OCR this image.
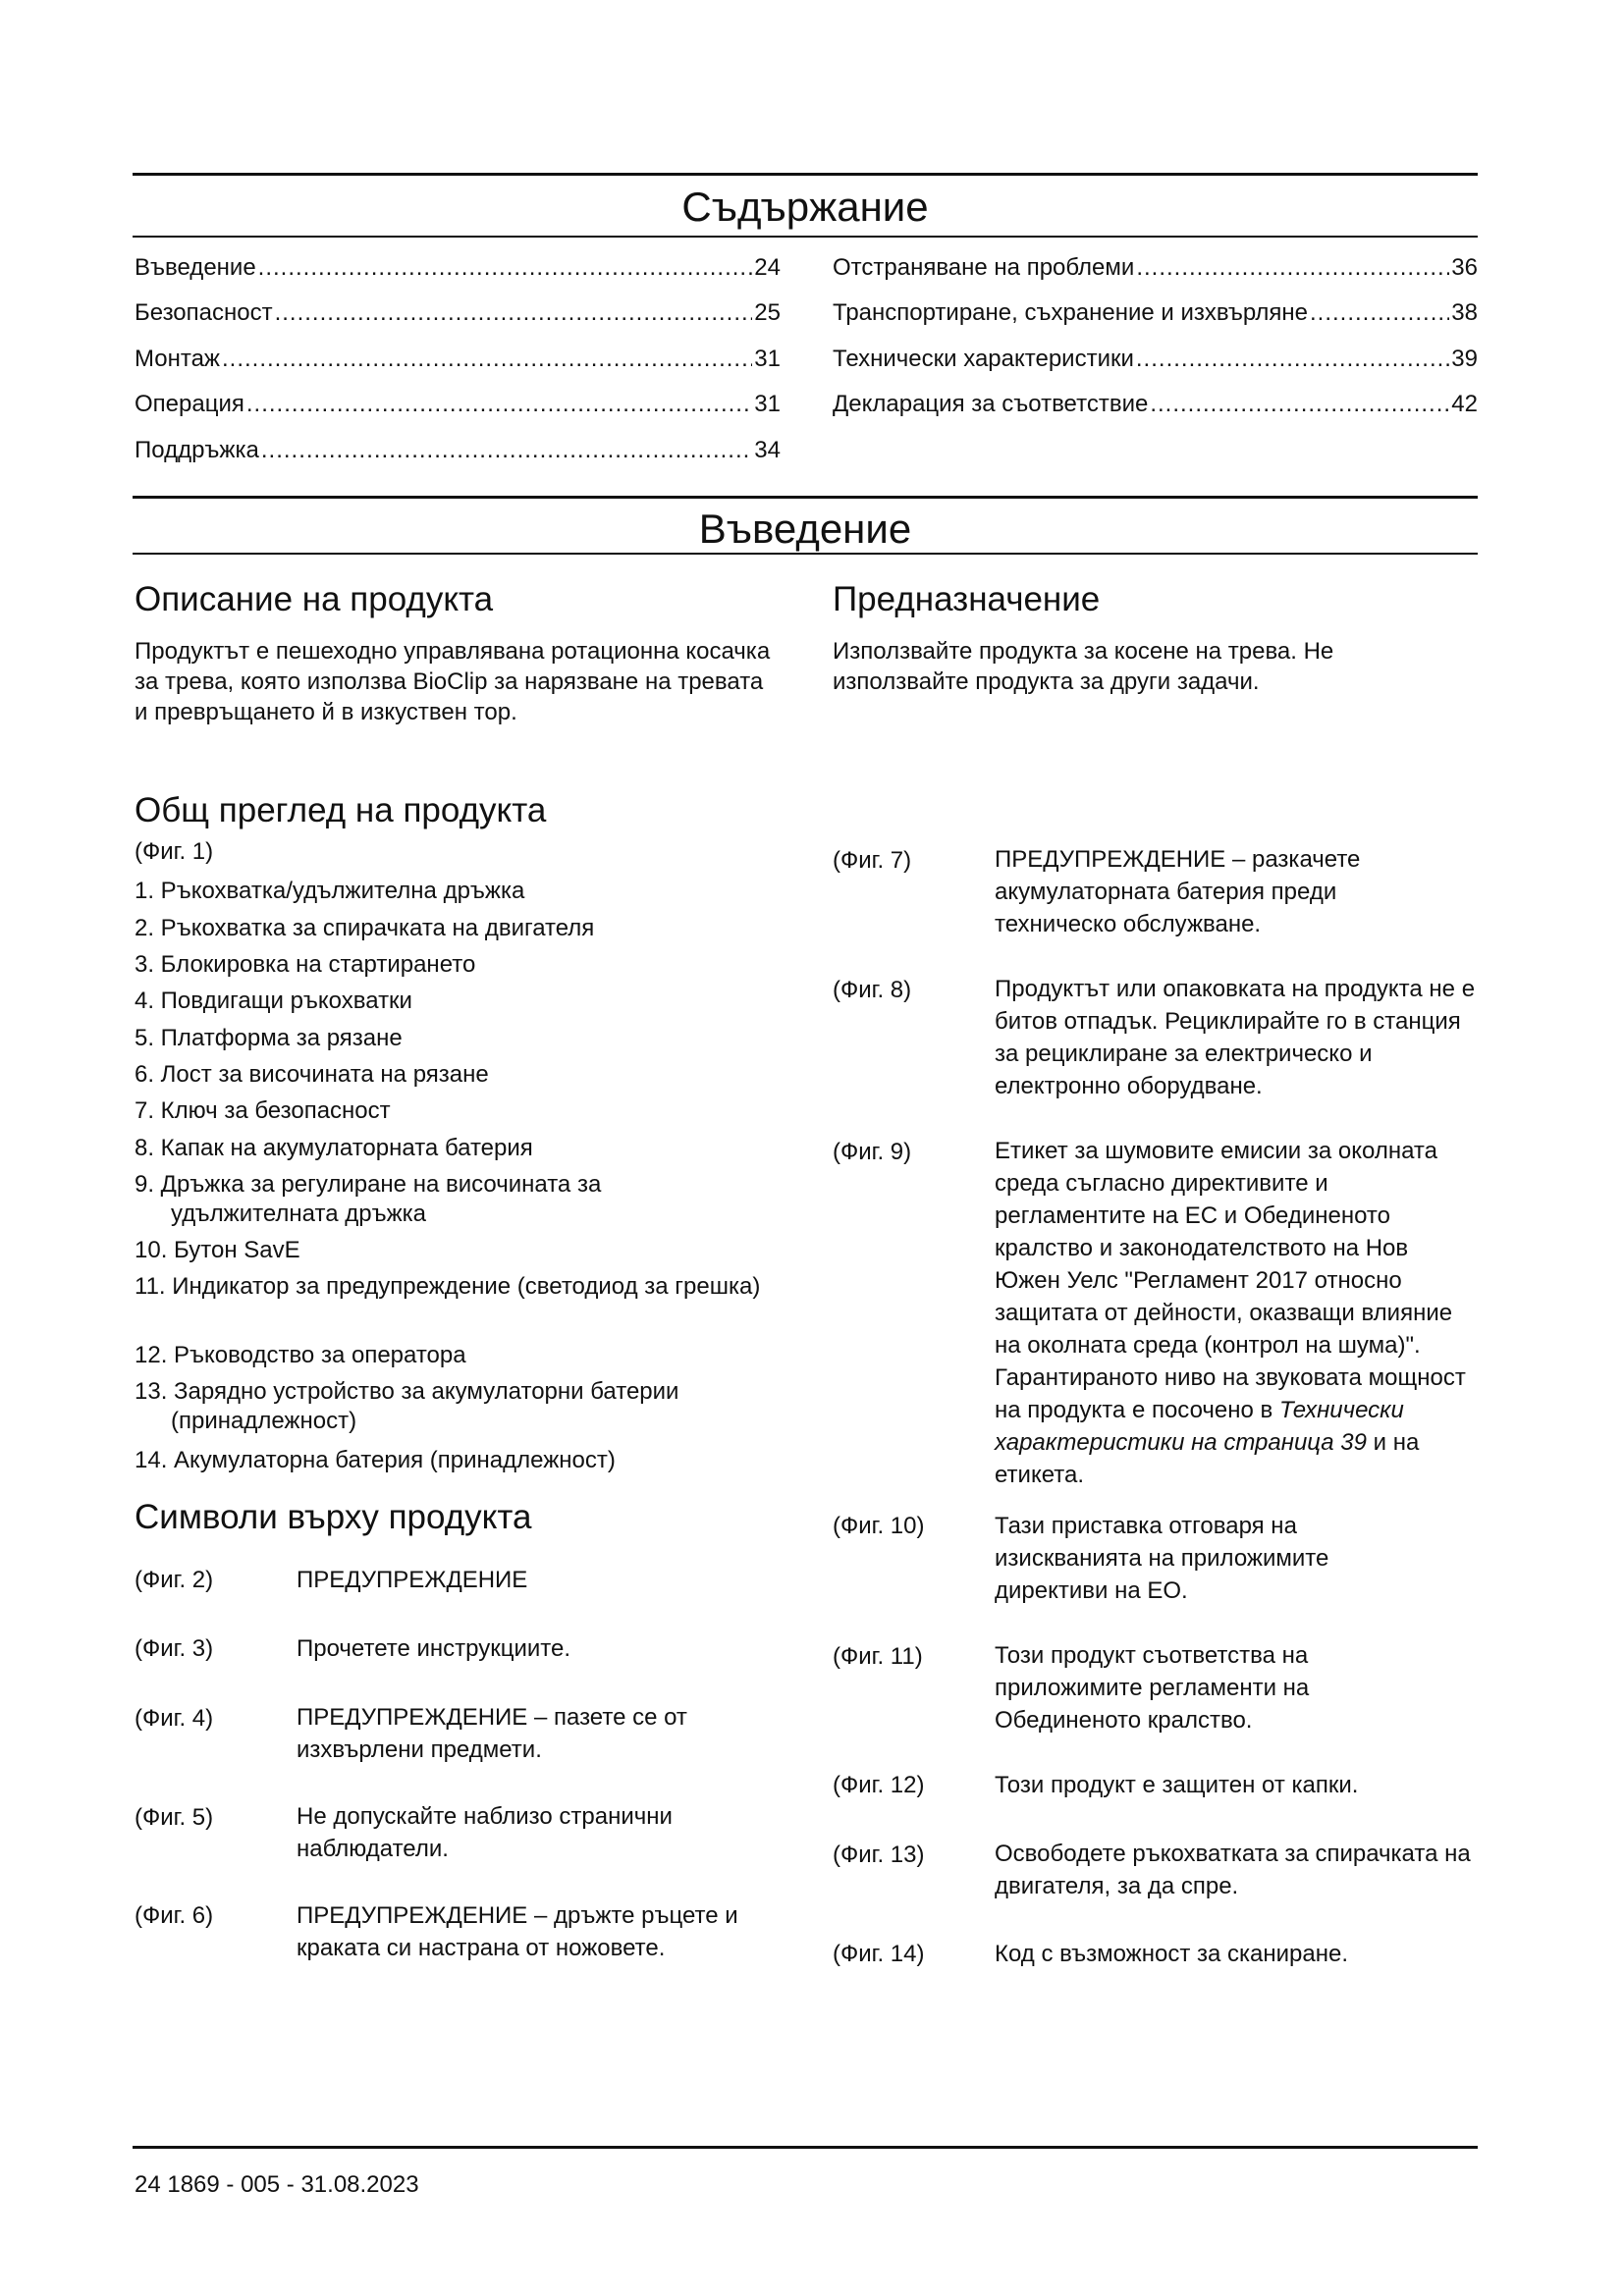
Съдържание
Въведение .....	24
Безопасност .....	25
Монтаж .....	31
Операция .....	31
Поддръжка .....	34
Отстраняване на проблеми .....	36
Транспортиране, съхранение и изхвърляне .....	38
Технически характеристики .....	39
Декларация за съответствие .....	42
Въведение
Описание на продукта

Продуктът е пешеходно управлявана ротационна косачка за трева, която използва BioClip за нарязване на тревата и превръщането й в изкуствен тор.

Предназначение

Използвайте продукта за косене на трева. Не използвайте продукта за други задачи.

Общ преглед на продукта
(Фиг. 1)
1. Ръкохватка/удължителна дръжка
2. Ръкохватка за спирачката на двигателя
3. Блокировка на стартирането
4. Повдигащи ръкохватки
5. Платформа за рязане
6. Лост за височината на рязане
7. Ключ за безопасност
8. Капак на акумулаторната батерия
9. Дръжка за регулиране на височината за удължителната дръжка
10. Бутон SavE
11. Индикатор за предупреждение (светодиод за грешка)
12. Ръководство за оператора
13. Зарядно устройство за акумулаторни батерии (принадлежност)
14. Акумулаторна батерия (принадлежност)
Символи върху продукта
(Фиг. 2)	ПРЕДУПРЕЖДЕНИЕ
(Фиг. 3)	Прочетете инструкциите.
(Фиг. 4)	ПРЕДУПРЕЖДЕНИЕ – пазете се от изхвърлени предмети.
(Фиг. 5)	Не допускайте наблизо странични наблюдатели.
(Фиг. 6)	ПРЕДУПРЕЖДЕНИЕ – дръжте ръцете и краката си настрана от ножовете.
(Фиг. 7)	ПРЕДУПРЕЖДЕНИЕ – разкачете акумулаторната батерия преди техническо обслужване.
(Фиг. 8)	Продуктът или опаковката на продукта не е битов отпадък. Рециклирайте го в станция за рециклиране за електрическо и електронно оборудване.
(Фиг. 9)	Етикет за шумовите емисии за околната среда съгласно директивите и регламентите на ЕС и Обединеното кралство и законодателството на Нов Южен Уелс "Регламент 2017 относно защитата от дейности, оказващи влияние на околната среда (контрол на шума)". Гарантираното ниво на звуковата мощност на продукта е посочено в Технически характеристики на страница 39 и на етикета.
(Фиг. 10)	Тази приставка отговаря на изискванията на приложимите директиви на ЕО.
(Фиг. 11)	Този продукт съответства на приложимите регламенти на Обединеното кралство.
(Фиг. 12)	Този продукт е защитен от капки.
(Фиг. 13)	Освободете ръкохватката за спирачката на двигателя, за да спре.
(Фиг. 14)	Код с възможност за сканиране.
24 1869 - 005 - 31.08.2023
